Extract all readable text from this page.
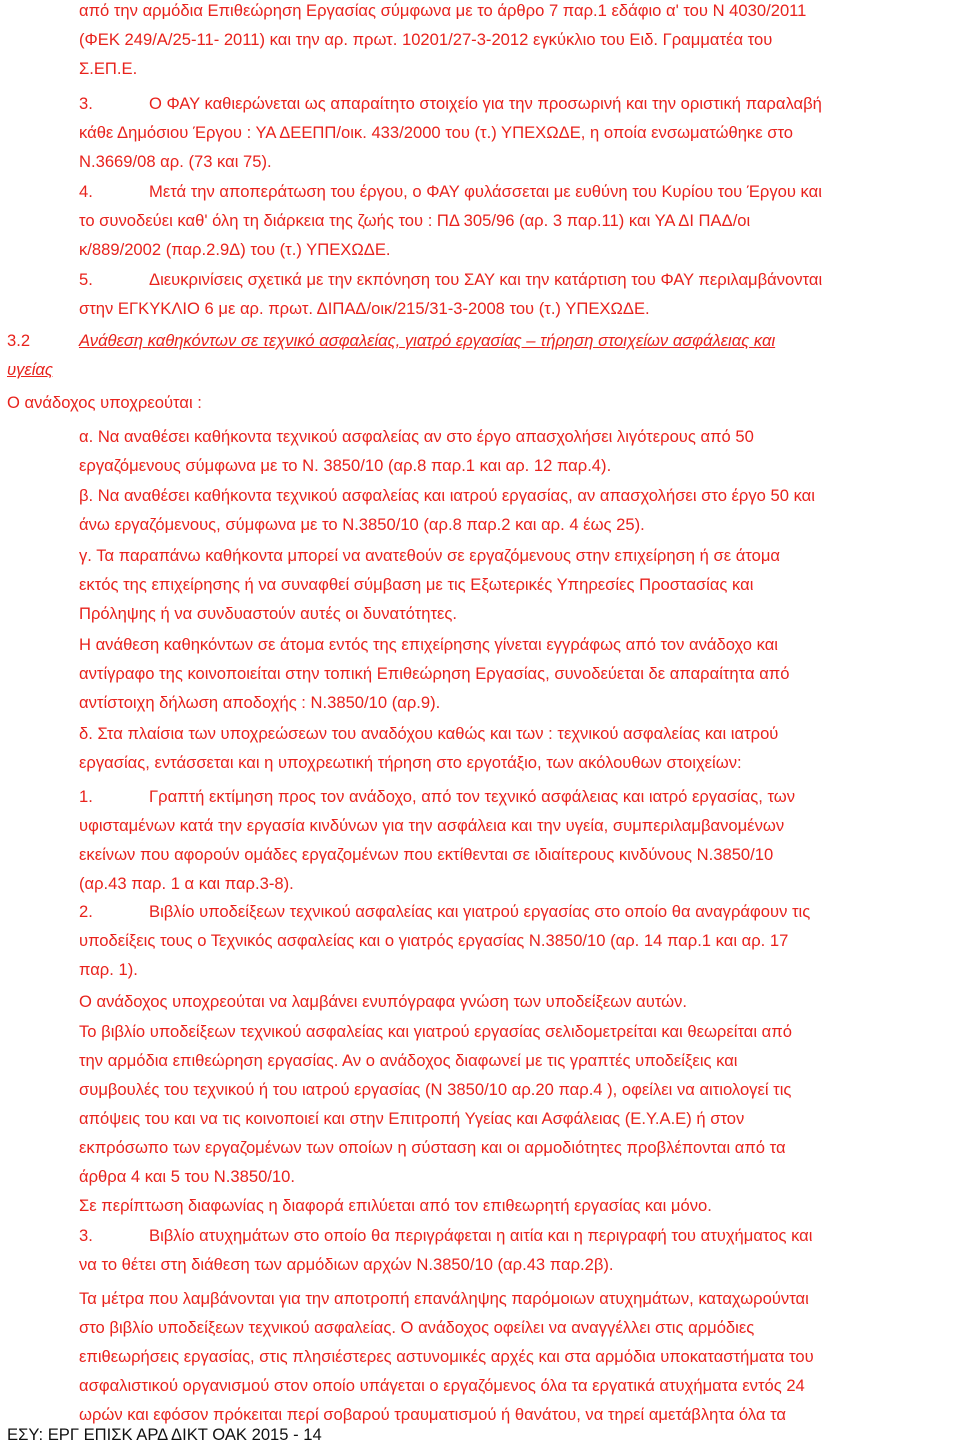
από την αρμόδια Επιθεώρηση Εργασίας σύμφωνα με το άρθρο 7 παρ.1 εδάφιο α' του Ν 4030/2011

(ΦΕΚ 249/Α/25-11- 2011) και την αρ. πρωτ. 10201/27-3-2012 εγκύκλιο του Ειδ. Γραμματέα του

Σ.ΕΠ.Ε.

3.	Ο ΦΑΥ καθιερώνεται ως απαραίτητο στοιχείο για την προσωρινή και την οριστική παραλαβή

κάθε Δημόσιου Έργου : ΥΑ ΔΕΕΠΠ/οικ. 433/2000 του (τ.) ΥΠΕΧΩΔΕ, η οποία ενσωματώθηκε στο

Ν.3669/08 αρ. (73 και 75).

4.	Μετά την αποπεράτωση του έργου, ο ΦΑΥ φυλάσσεται με ευθύνη του Κυρίου του Έργου και

το συνοδεύει καθ' όλη τη διάρκεια της ζωής του : ΠΔ 305/96 (αρ. 3 παρ.11) και ΥΑ ΔΙ ΠΑΔ/οι

κ/889/2002 (παρ.2.9Δ) του (τ.) ΥΠΕΧΩΔΕ.

5.	Διευκρινίσεις σχετικά με την εκπόνηση του ΣΑΥ και την κατάρτιση του ΦΑΥ περιλαμβάνονται

στην ΕΓΚΥΚΛΙΟ 6 με αρ. πρωτ. ΔΙΠΑΔ/οικ/215/31-3-2008 του (τ.) ΥΠΕΧΩΔΕ.

3.2	Ανάθεση καθηκόντων σε τεχνικό ασφαλείας, γιατρό εργασίας – τήρηση στοιχείων ασφάλειας και

υγείας

Ο ανάδοχος υποχρεούται :

α. Να αναθέσει καθήκοντα τεχνικού ασφαλείας αν στο έργο απασχολήσει λιγότερους από 50

εργαζόμενους σύμφωνα με το Ν. 3850/10 (αρ.8 παρ.1 και αρ. 12 παρ.4).

β. Να αναθέσει καθήκοντα τεχνικού ασφαλείας και ιατρού εργασίας, αν απασχολήσει στο έργο 50 και

άνω εργαζόμενους, σύμφωνα με το Ν.3850/10 (αρ.8 παρ.2 και αρ. 4 έως 25).

γ. Τα παραπάνω καθήκοντα μπορεί να ανατεθούν σε εργαζόμενους στην επιχείρηση ή σε άτομα

εκτός της επιχείρησης ή να συναφθεί σύμβαση με τις Εξωτερικές Υπηρεσίες Προστασίας και

Πρόληψης ή να συνδυαστούν αυτές οι δυνατότητες.

Η ανάθεση καθηκόντων σε άτομα εντός της επιχείρησης γίνεται εγγράφως από τον ανάδοχο και

αντίγραφο της κοινοποιείται στην τοπική Επιθεώρηση Εργασίας, συνοδεύεται δε απαραίτητα από

αντίστοιχη δήλωση αποδοχής : Ν.3850/10 (αρ.9).

δ. Στα πλαίσια των υποχρεώσεων του αναδόχου καθώς και των : τεχνικού ασφαλείας και ιατρού

εργασίας, εντάσσεται και η υποχρεωτική τήρηση στο εργοτάξιο, των ακόλουθων στοιχείων:

1.	Γραπτή εκτίμηση προς τον ανάδοχο, από τον τεχνικό ασφάλειας και ιατρό εργασίας, των

υφισταμένων κατά την εργασία κινδύνων για την ασφάλεια και την υγεία, συμπεριλαμβανομένων

εκείνων που αφορούν ομάδες εργαζομένων που εκτίθενται σε ιδιαίτερους κινδύνους Ν.3850/10

(αρ.43 παρ. 1 α και παρ.3-8).

2.	Βιβλίο υποδείξεων τεχνικού ασφαλείας και γιατρού εργασίας στο οποίο θα αναγράφουν τις

υποδείξεις τους ο Τεχνικός ασφαλείας και ο γιατρός εργασίας Ν.3850/10 (αρ. 14 παρ.1 και αρ. 17

παρ. 1).

Ο ανάδοχος υποχρεούται να λαμβάνει ενυπόγραφα γνώση των υποδείξεων αυτών.

Το βιβλίο υποδείξεων τεχνικού ασφαλείας και γιατρού εργασίας σελιδομετρείται και θεωρείται από

την αρμόδια επιθεώρηση εργασίας. Αν ο ανάδοχος διαφωνεί με τις γραπτές υποδείξεις και

συμβουλές του τεχνικού ή του ιατρού εργασίας (Ν 3850/10 αρ.20 παρ.4 ), οφείλει να αιτιολογεί τις

απόψεις του και να τις κοινοποιεί και στην Επιτροπή Υγείας και Ασφάλειας (Ε.Υ.Α.Ε) ή στον

εκπρόσωπο των εργαζομένων των οποίων η σύσταση και οι αρμοδιότητες προβλέπονται από τα

άρθρα 4 και 5 του Ν.3850/10.

Σε περίπτωση διαφωνίας η διαφορά επιλύεται από τον επιθεωρητή εργασίας και μόνο.

3.	Βιβλίο ατυχημάτων στο οποίο θα περιγράφεται η αιτία και η περιγραφή του ατυχήματος και

να το θέτει στη διάθεση των αρμόδιων αρχών Ν.3850/10 (αρ.43 παρ.2β).

Τα μέτρα που λαμβάνονται για την αποτροπή επανάληψης παρόμοιων ατυχημάτων, καταχωρούνται

στο βιβλίο υποδείξεων τεχνικού ασφαλείας. Ο ανάδοχος οφείλει να αναγγέλλει στις αρμόδιες

επιθεωρήσεις εργασίας, στις πλησιέστερες αστυνομικές αρχές και στα αρμόδια υποκαταστήματα του

ασφαλιστικού οργανισμού στον οποίο υπάγεται ο εργαζόμενος όλα τα εργατικά ατυχήματα εντός 24

ωρών και εφόσον πρόκειται περί σοβαρού τραυματισμού ή θανάτου, να τηρεί αμετάβλητα όλα τα

ΕΣΥ: ΕΡΓ ΕΠΙΣΚ ΑΡΔ ΔΙΚΤ ΟΑΚ 2015 - 14
